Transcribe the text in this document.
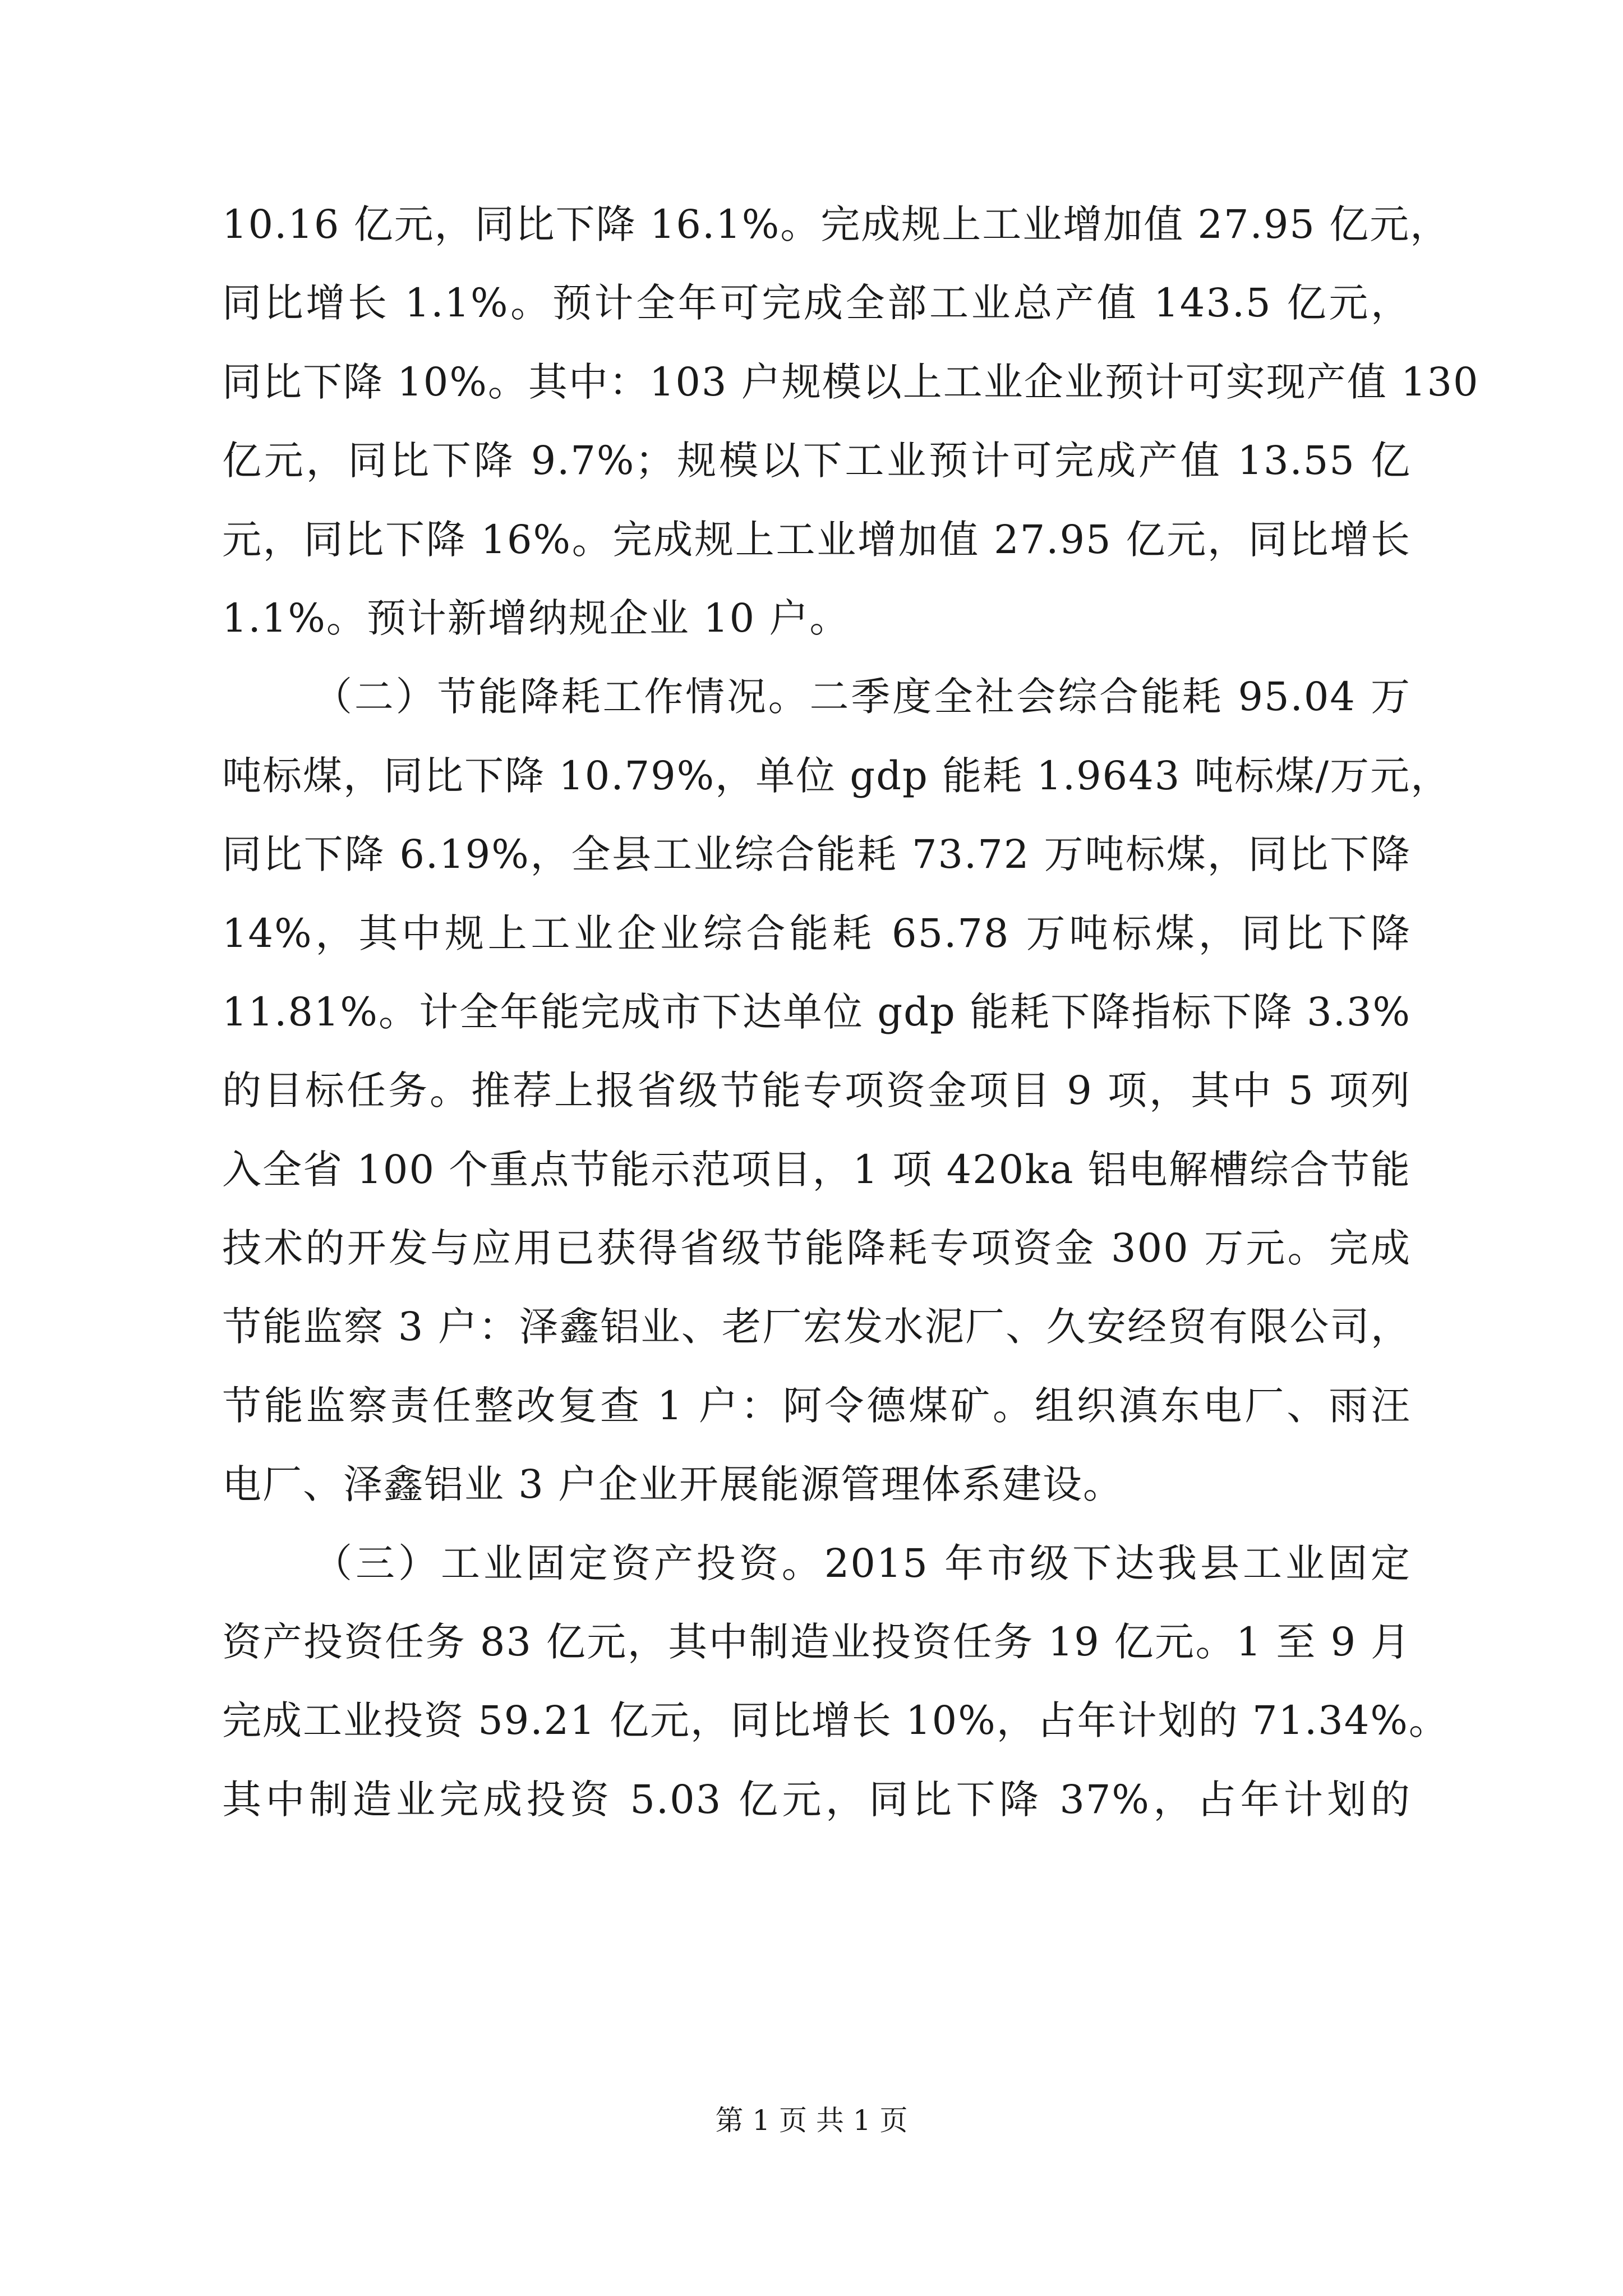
10.16 亿元，同比下降 16.1%。完成规上工业增加值 27.95 亿元，
同比增长 1.1%。预计全年可完成全部工业总产值 143.5 亿元，
同比下降 10%。其中：103 户规模以上工业企业预计可实现产值 130
亿元，同比下降 9.7%；规模以下工业预计可完成产值 13.55 亿
元，同比下降 16%。完成规上工业增加值 27.95 亿元，同比增长
1.1%。预计新增纳规企业 10 户。
（二）节能降耗工作情况。二季度全社会综合能耗 95.04 万
吨标煤，同比下降 10.79%，单位 gdp 能耗 1.9643 吨标煤/万元，
同比下降 6.19%，全县工业综合能耗 73.72 万吨标煤，同比下降
14%，其中规上工业企业综合能耗 65.78 万吨标煤，同比下降
11.81%。计全年能完成市下达单位 gdp 能耗下降指标下降 3.3%
的目标任务。推荐上报省级节能专项资金项目 9 项，其中 5 项列
入全省 100 个重点节能示范项目，1 项 420ka 铝电解槽综合节能
技术的开发与应用已获得省级节能降耗专项资金 300 万元。完成
节能监察 3 户：泽鑫铝业、老厂宏发水泥厂、久安经贸有限公司，
节能监察责任整改复查 1 户：阿令德煤矿。组织滇东电厂、雨汪
电厂、泽鑫铝业 3 户企业开展能源管理体系建设。
（三）工业固定资产投资。2015 年市级下达我县工业固定
资产投资任务 83 亿元，其中制造业投资任务 19 亿元。1 至 9 月
完成工业投资 59.21 亿元，同比增长 10%，占年计划的 71.34%。
其中制造业完成投资 5.03 亿元，同比下降 37%，占年计划的
第 1 页 共 1 页
